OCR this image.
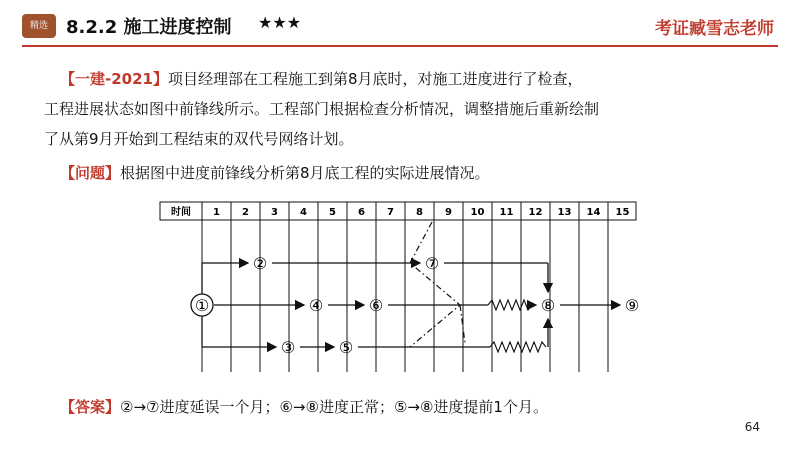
精选	8.2.2 施工进度控制 ★★★	考证臧雪志老师
【一建-2021】项目经理部在工程施工到第8月底时，对施工进度进行了检查，
工程进展状态如图中前锋线所示。工程部门根据检查分析情况，调整措施后重新绘制
了从第9月开始到工程结束的双代号网络计划。
【问题】根据图中进度前锋线分析第8月底工程的实际进展情况。
时间 1 2 3 4 5 6 7 8 9 10 11 12 13 14 15
①
②
③
④
⑤
⑥
⑦
⑧	⑨
【答案】②→⑦进度延误一个月；⑥→⑧进度正常；⑤→⑧进度提前1个月。
64
